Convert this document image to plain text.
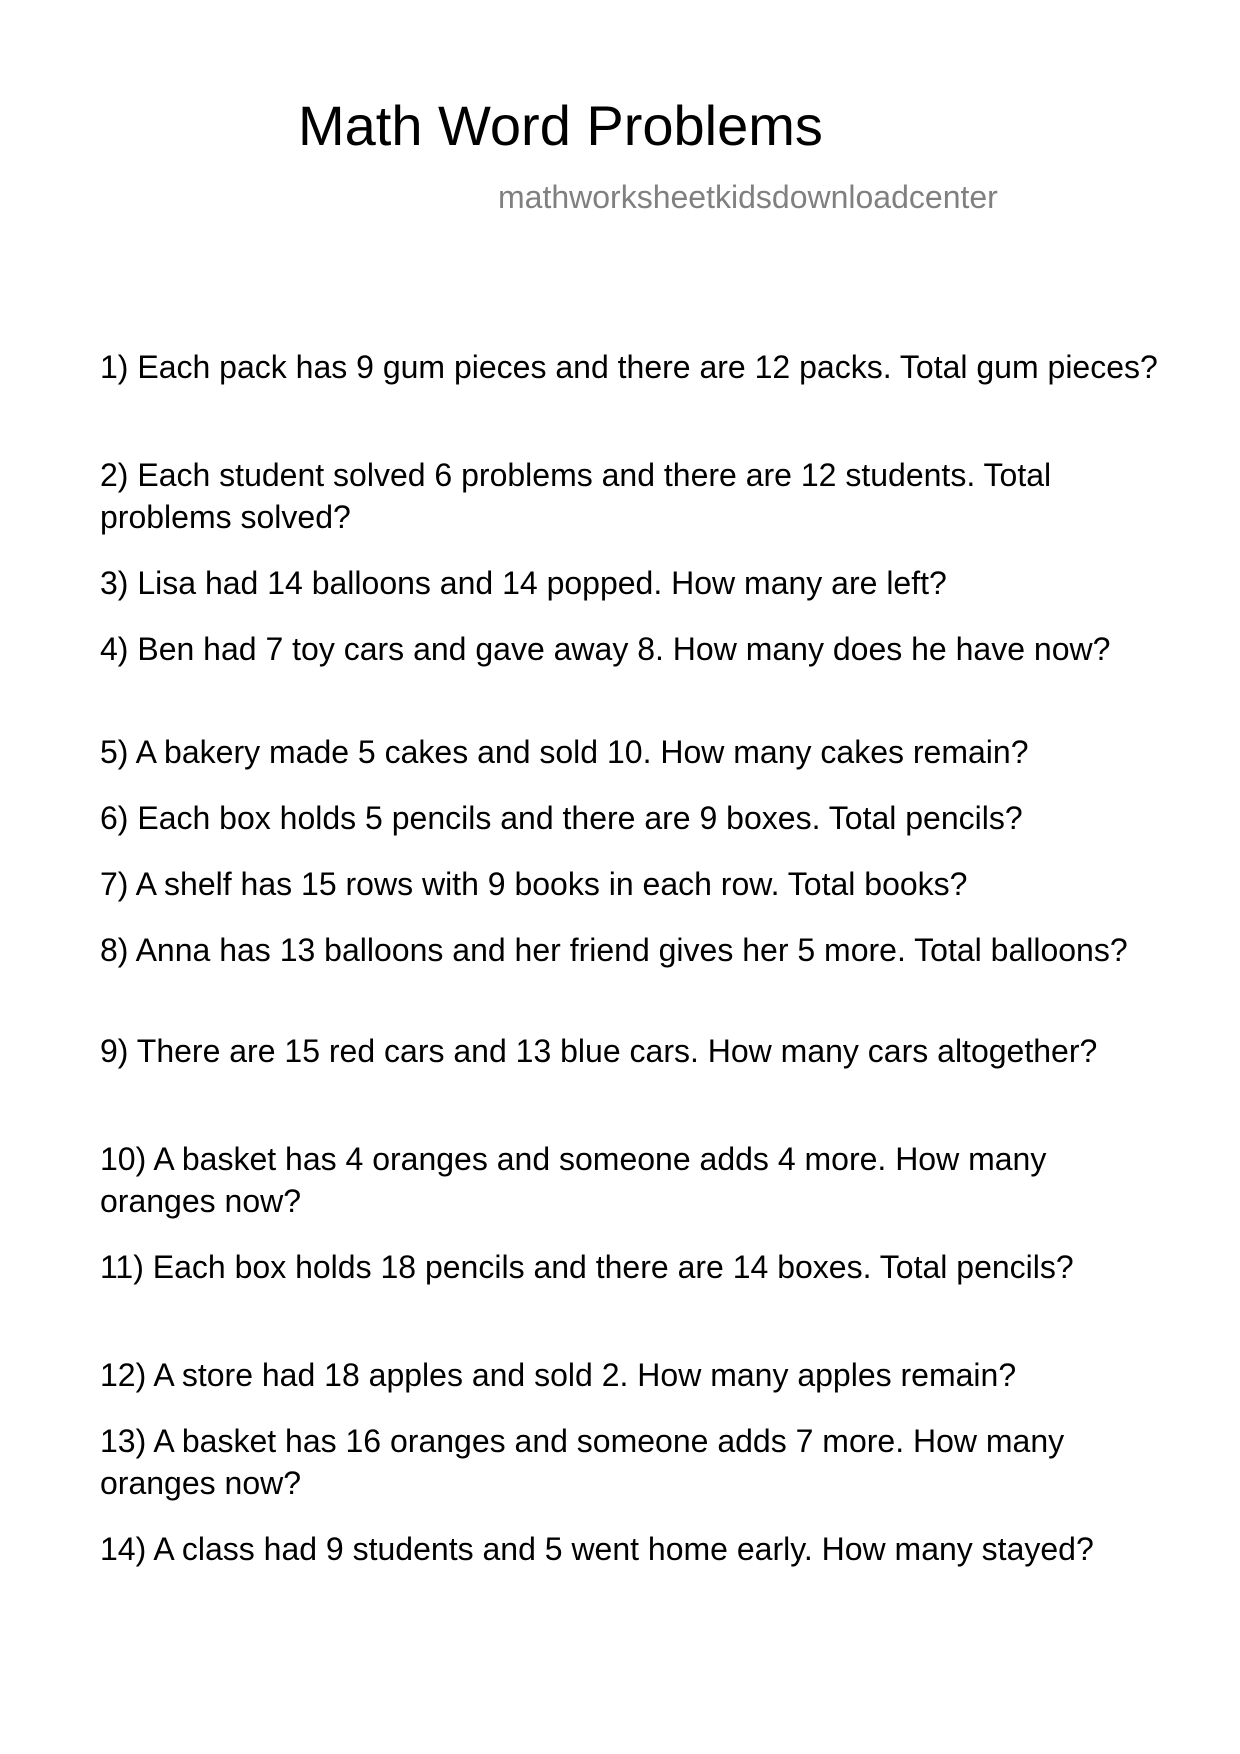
Math Word Problems
mathworksheetkidsdownloadcenter

1) Each pack has 9 gum pieces and there are 12 packs. Total gum pieces?

2) Each student solved 6 problems and there are 12 students. Total problems solved?

3) Lisa had 14 balloons and 14 popped. How many are left?

4) Ben had 7 toy cars and gave away 8. How many does he have now?

5) A bakery made 5 cakes and sold 10. How many cakes remain?

6) Each box holds 5 pencils and there are 9 boxes. Total pencils?

7) A shelf has 15 rows with 9 books in each row. Total books?

8) Anna has 13 balloons and her friend gives her 5 more. Total balloons?

9) There are 15 red cars and 13 blue cars. How many cars altogether?

10) A basket has 4 oranges and someone adds 4 more. How many oranges now?

11) Each box holds 18 pencils and there are 14 boxes. Total pencils?

12) A store had 18 apples and sold 2. How many apples remain?

13) A basket has 16 oranges and someone adds 7 more. How many oranges now?

14) A class had 9 students and 5 went home early. How many stayed?
